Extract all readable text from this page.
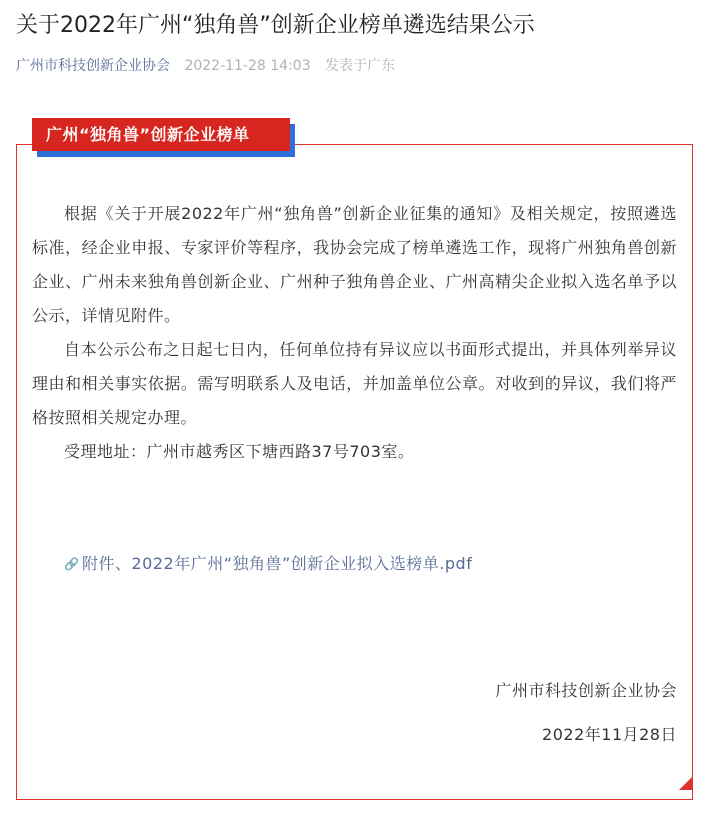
关于2022年广州“独角兽”创新企业榜单遴选结果公示
广州市科技创新企业协会 2022-11-28 14:03 发表于广东
广州“独角兽”创新企业榜单

根据《关于开展2022年广州“独角兽”创新企业征集的通知》及相关规定，按照遴选标准，经企业申报、专家评价等程序，我协会完成了榜单遴选工作，现将广州独角兽创新企业、广州未来独角兽创新企业、广州种子独角兽企业、广州高精尖企业拟入选名单予以公示，详情见附件。

自本公示公布之日起七日内，任何单位持有异议应以书面形式提出，并具体列举异议理由和相关事实依据。需写明联系人及电话，并加盖单位公章。对收到的异议，我们将严格按照相关规定办理。

受理地址：广州市越秀区下塘西路37号703室。

🔗 附件、2022年广州“独角兽”创新企业拟入选榜单.pdf
广州市科技创新企业协会
2022年11月28日
